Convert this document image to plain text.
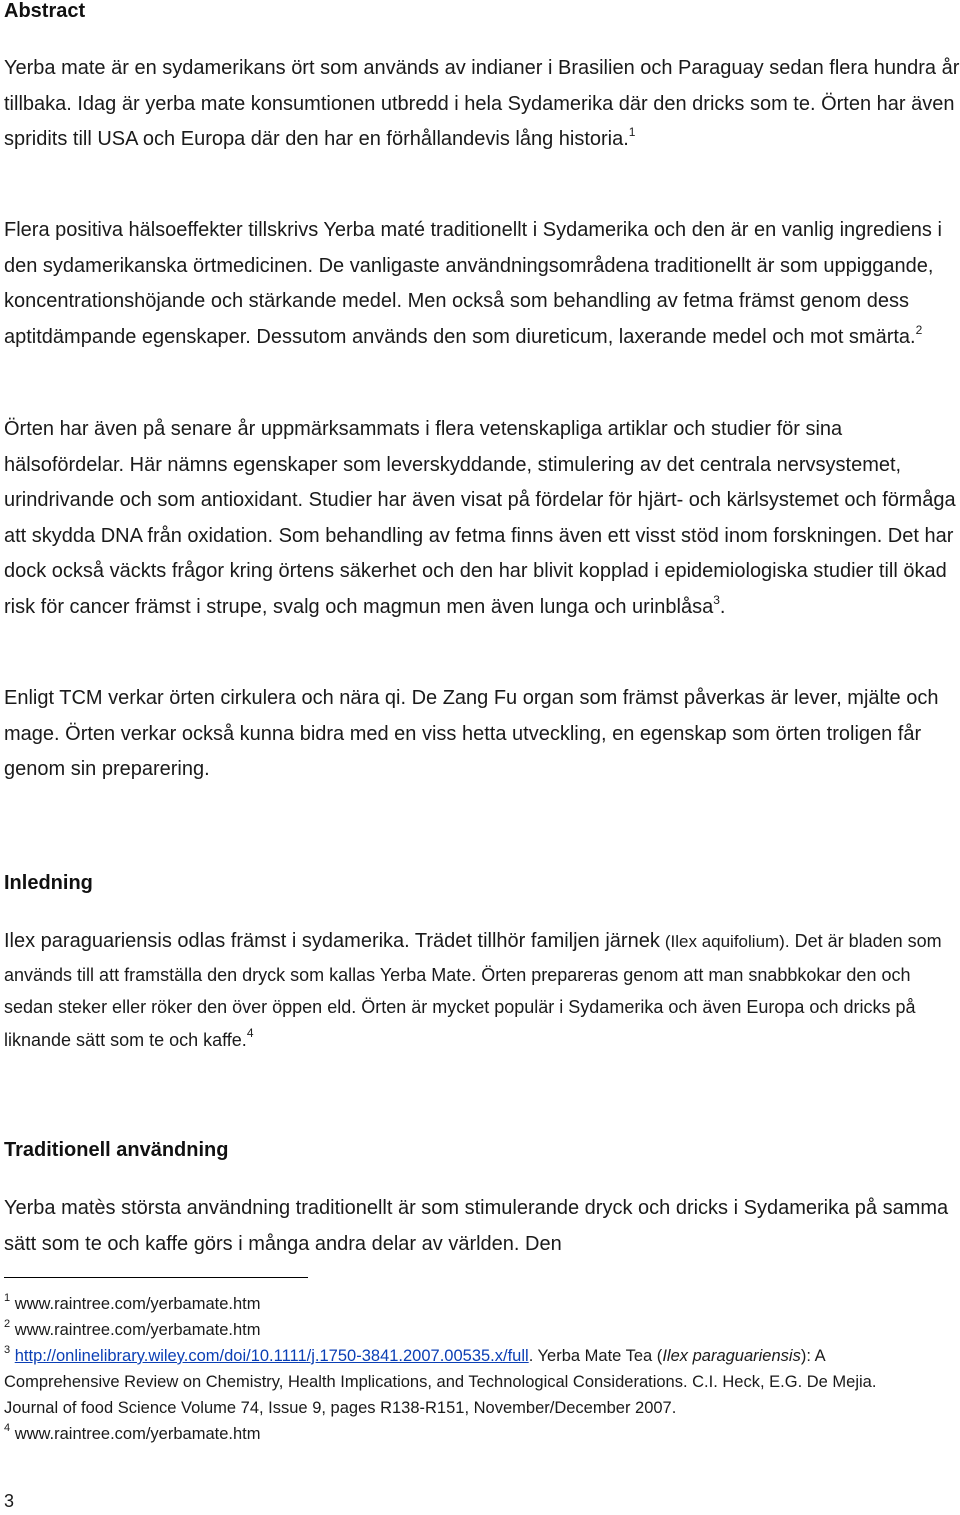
Abstract

Yerba mate är en sydamerikans ört som används av indianer i Brasilien och Paraguay sedan flera hundra år tillbaka. Idag är yerba mate konsumtionen utbredd i hela Sydamerika där den dricks som te. Örten har även spridits till USA och Europa där den har en förhållandevis lång historia.$^1$

Flera positiva hälsoeffekter tillskrivs Yerba maté traditionellt i Sydamerika och den är en vanlig ingrediens i den sydamerikanska örtmedicinen. De vanligaste användningsområdena traditionellt är som uppiggande, koncentrationshöjande och stärkande medel. Men också som behandling av fetma främst genom dess aptitdämpande egenskaper. Dessutom används den som diureticum, laxerande medel och mot smärta.$^2$

Örten har även på senare år uppmärksammats i flera vetenskapliga artiklar och studier för sina hälsofördelar. Här nämns egenskaper som leverskyddande, stimulering av det centrala nervsystemet, urindrivande och som antioxidant. Studier har även visat på fördelar för hjärt- och kärlsystemet och förmåga att skydda DNA från oxidation. Som behandling av fetma finns även ett visst stöd inom forskningen. Det har dock också väckts frågor kring örtens säkerhet och den har blivit kopplad i epidemiologiska studier till ökad risk för cancer främst i strupe, svalg och magmun men även lunga och urinblåsa$^3$.

Enligt TCM verkar örten cirkulera och nära qi. De Zang Fu organ som främst påverkas är lever, mjälte och mage. Örten verkar också kunna bidra med en viss hetta utveckling, en egenskap som örten troligen får genom sin preparering.

Inledning

Ilex paraguariensis odlas främst i sydamerika. Trädet tillhör familjen järnek (Ilex aquifolium). Det är bladen som används till att framställa den dryck som kallas Yerba Mate. Örten prepareras genom att man snabbkokar den och sedan steker eller röker den över öppen eld. Örten är mycket populär i Sydamerika och även Europa och dricks på liknande sätt som te och kaffe.$^4$

Traditionell användning

Yerba matès största användning traditionellt är som stimulerande dryck och dricks i Sydamerika på samma sätt som te och kaffe görs i många andra delar av världen. Den

$^1$ www.raintree.com/yerbamate.htm
$^2$ www.raintree.com/yerbamate.htm
$^3$ http://onlinelibrary.wiley.com/doi/10.1111/j.1750-3841.2007.00535.x/full. Yerba Mate Tea (Ilex paraguariensis): A Comprehensive Review on Chemistry, Health Implications, and Technological Considerations. C.I. Heck, E.G. De Mejia. Journal of food Science Volume 74, Issue 9, pages R138-R151, November/December 2007.
$^4$ www.raintree.com/yerbamate.htm
3
